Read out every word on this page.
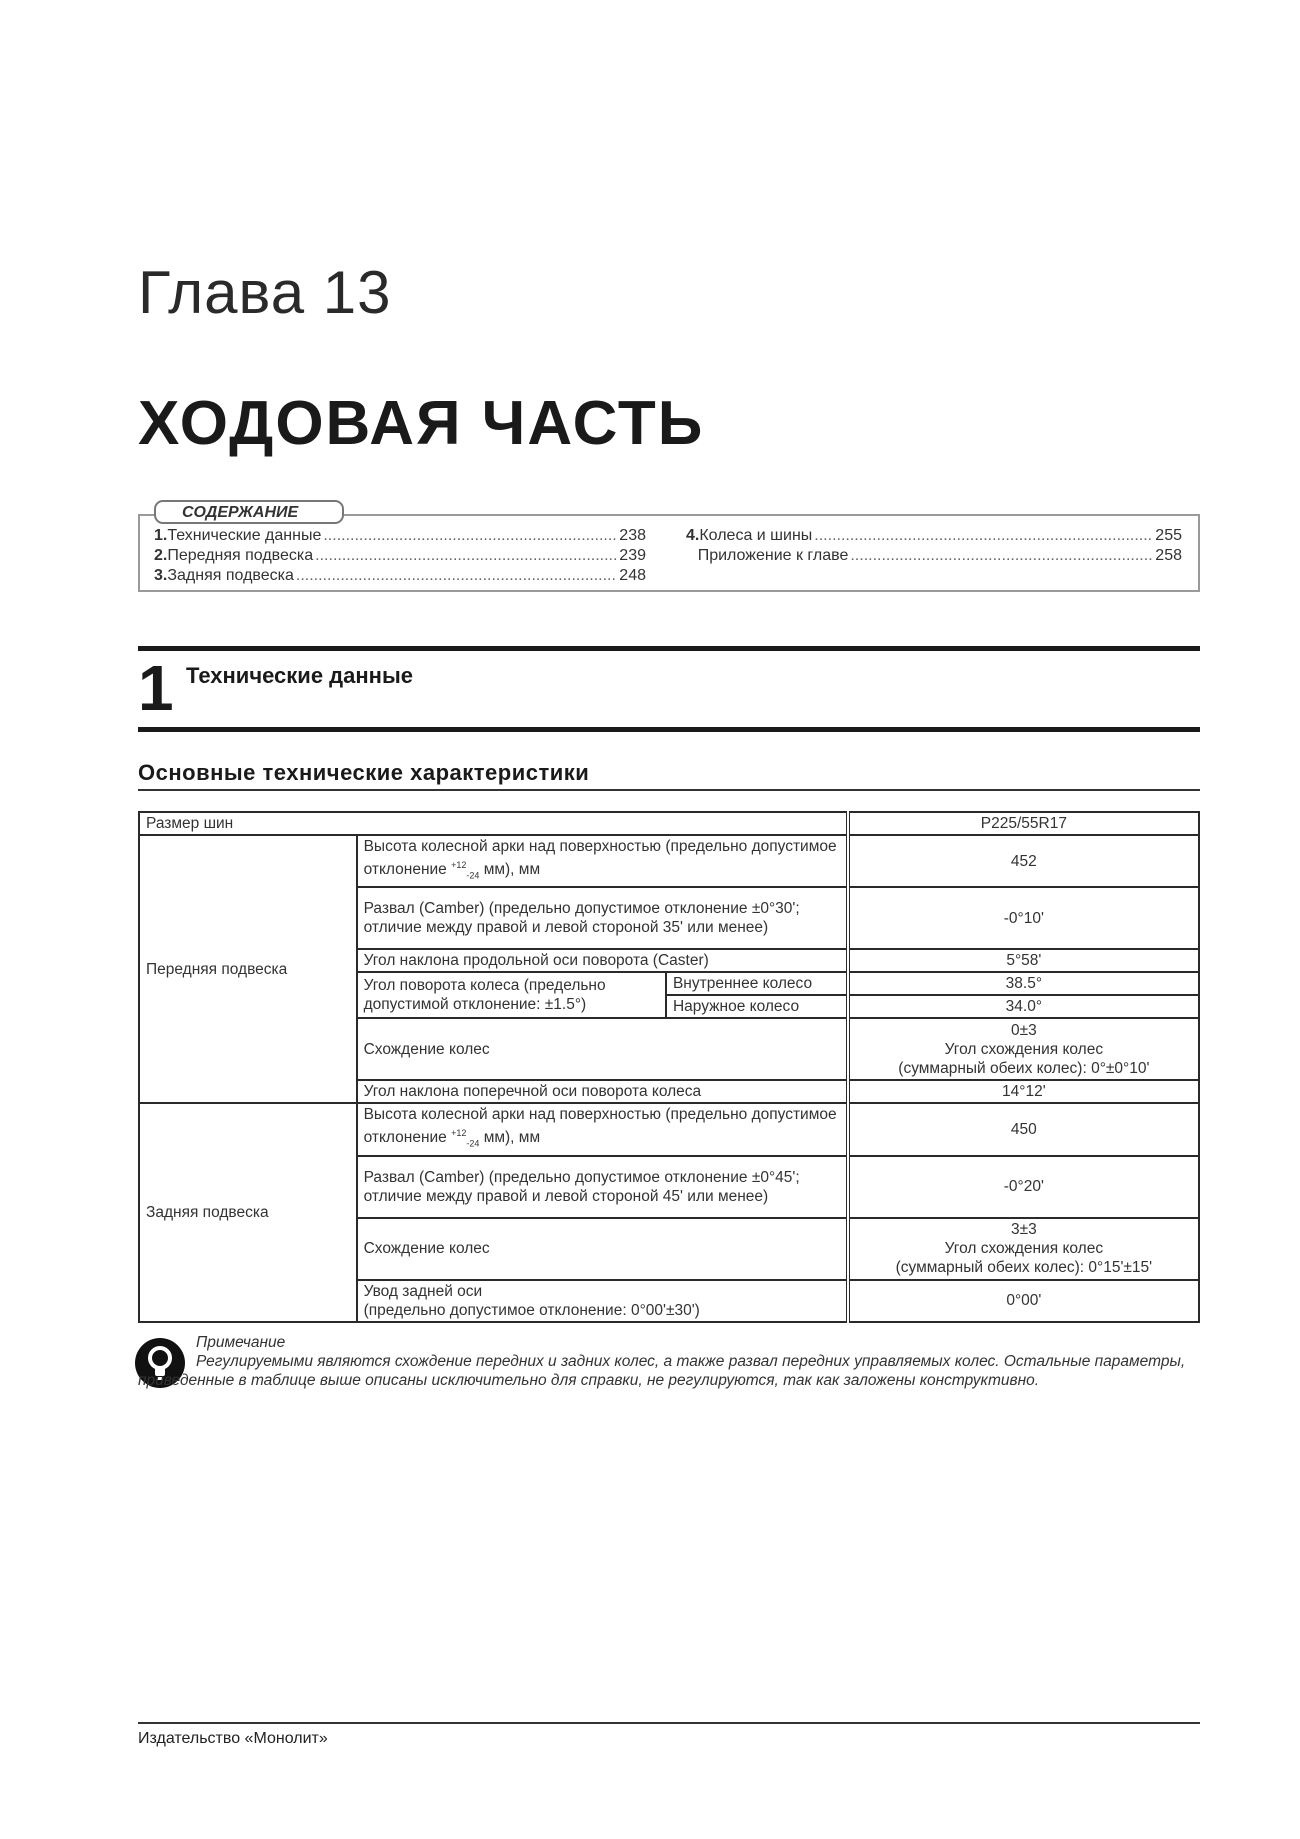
Глава 13
ХОДОВАЯ ЧАСТЬ
СОДЕРЖАНИЕ
1. Технические данные .....	238
2. Передняя подвеска .....	239
3. Задняя подвеска .....	248
4. Колеса и шины .....	255
Приложение к главе .....	258
1 Технические данные
Основные технические характеристики
Размер шин			P225/55R17
Передняя подвеска	Высота колесной арки над поверхностью (предельно допустимое отклонение $^{+12}_{-24}$ мм), мм		452
	Развал (Camber) (предельно допустимое отклонение ±0°30'; отличие между правой и левой стороной 35' или менее)		-0°10'
	Угол наклона продольной оси поворота (Caster)		5°58'
	Угол поворота колеса (предельно допустимой отклонение: ±1.5°)	Внутреннее колесо	38.5°
		Наружное колесо	34.0°
	Схождение колес		0±3
Угол схождения колес
(суммарный обеих колес): 0°±0°10'

	Угол наклона поперечной оси поворота колеса		14°12'
Задняя подвеска	Высота колесной арки над поверхностью (предельно допустимое отклонение $^{+12}_{-24}$ мм), мм		450
	Развал (Camber) (предельно допустимое отклонение ±0°45'; отличие между правой и левой стороной 45' или менее)		-0°20'
	Схождение колес		3±3
Угол схождения колес
(суммарный обеих колес): 0°15'±15'

	Увод задней оси
(предельно допустимое отклонение: 0°00'±30')		0°00'
Примечание
Регулируемыми являются схождение передних и задних колес, а также развал передних управляемых колес. Остальные параметры, приведенные в таблице выше описаны исключительно для справки, не регулируются, так как заложены конструктивно.
Издательство «Монолит»
